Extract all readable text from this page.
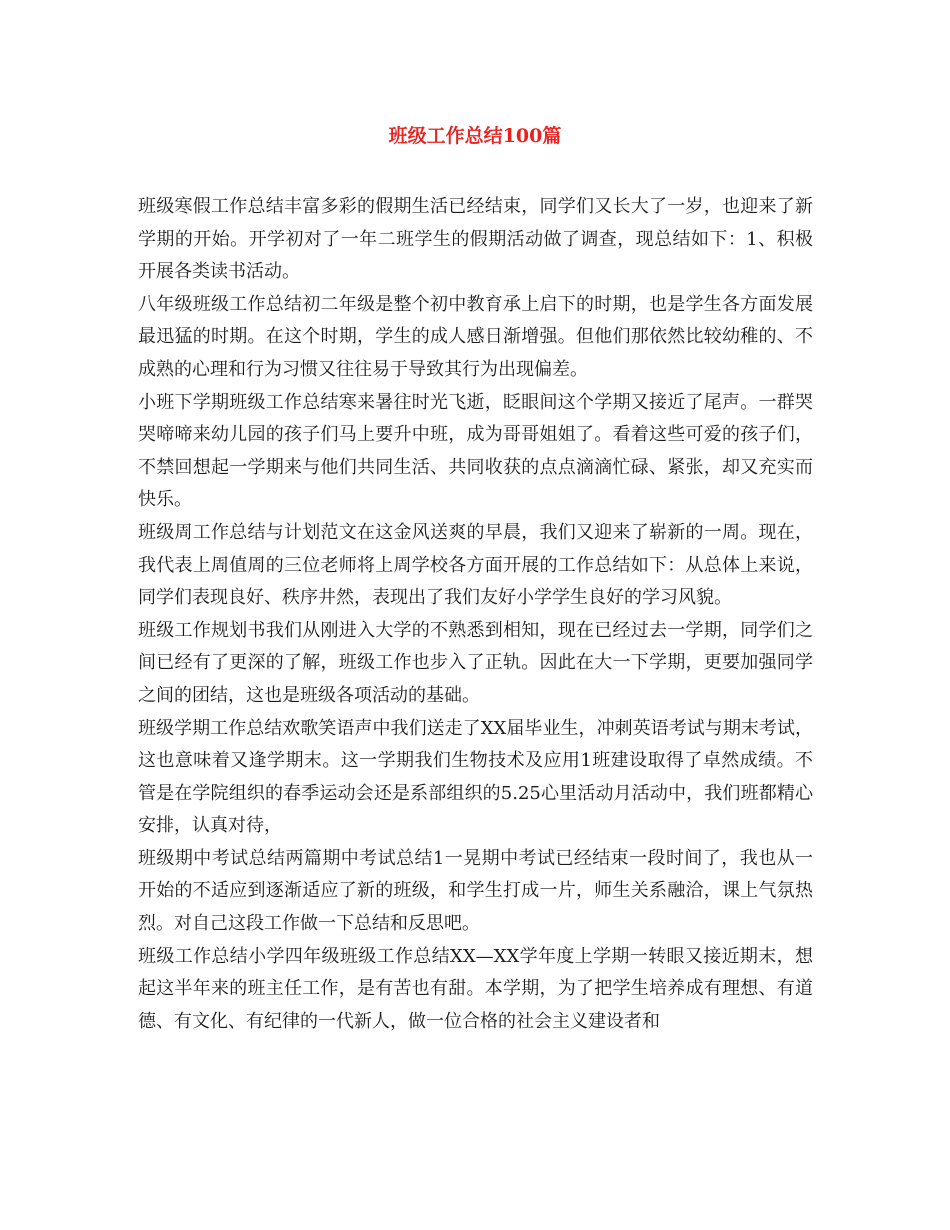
班级工作总结100篇

班级寒假工作总结丰富多彩的假期生活已经结束，同学们又长大了一岁，也迎来了新学期的开始。开学初对了一年二班学生的假期活动做了调查，现总结如下：1、积极开展各类读书活动。

八年级班级工作总结初二年级是整个初中教育承上启下的时期，也是学生各方面发展最迅猛的时期。在这个时期，学生的成人感日渐增强。但他们那依然比较幼稚的、不成熟的心理和行为习惯又往往易于导致其行为出现偏差。

小班下学期班级工作总结寒来暑往时光飞逝，眨眼间这个学期又接近了尾声。一群哭哭啼啼来幼儿园的孩子们马上要升中班，成为哥哥姐姐了。看着这些可爱的孩子们，不禁回想起一学期来与他们共同生活、共同收获的点点滴滴忙碌、紧张，却又充实而快乐。

班级周工作总结与计划范文在这金风送爽的早晨，我们又迎来了崭新的一周。现在，我代表上周值周的三位老师将上周学校各方面开展的工作总结如下：从总体上来说，同学们表现良好、秩序井然，表现出了我们友好小学学生良好的学习风貌。

班级工作规划书我们从刚进入大学的不熟悉到相知，现在已经过去一学期，同学们之间已经有了更深的了解，班级工作也步入了正轨。因此在大一下学期，更要加强同学之间的团结，这也是班级各项活动的基础。

班级学期工作总结欢歌笑语声中我们送走了XX届毕业生，冲刺英语考试与期末考试，这也意味着又逢学期末。这一学期我们生物技术及应用1班建设取得了卓然成绩。不管是在学院组织的春季运动会还是系部组织的5.25心里活动月活动中，我们班都精心安排，认真对待，

班级期中考试总结两篇期中考试总结1一晃期中考试已经结束一段时间了，我也从一开始的不适应到逐渐适应了新的班级，和学生打成一片，师生关系融洽，课上气氛热烈。对自己这段工作做一下总结和反思吧。

班级工作总结小学四年级班级工作总结XX—XX学年度上学期一转眼又接近期末，想起这半年来的班主任工作，是有苦也有甜。本学期，为了把学生培养成有理想、有道德、有文化、有纪律的一代新人，做一位合格的社会主义建设者和
